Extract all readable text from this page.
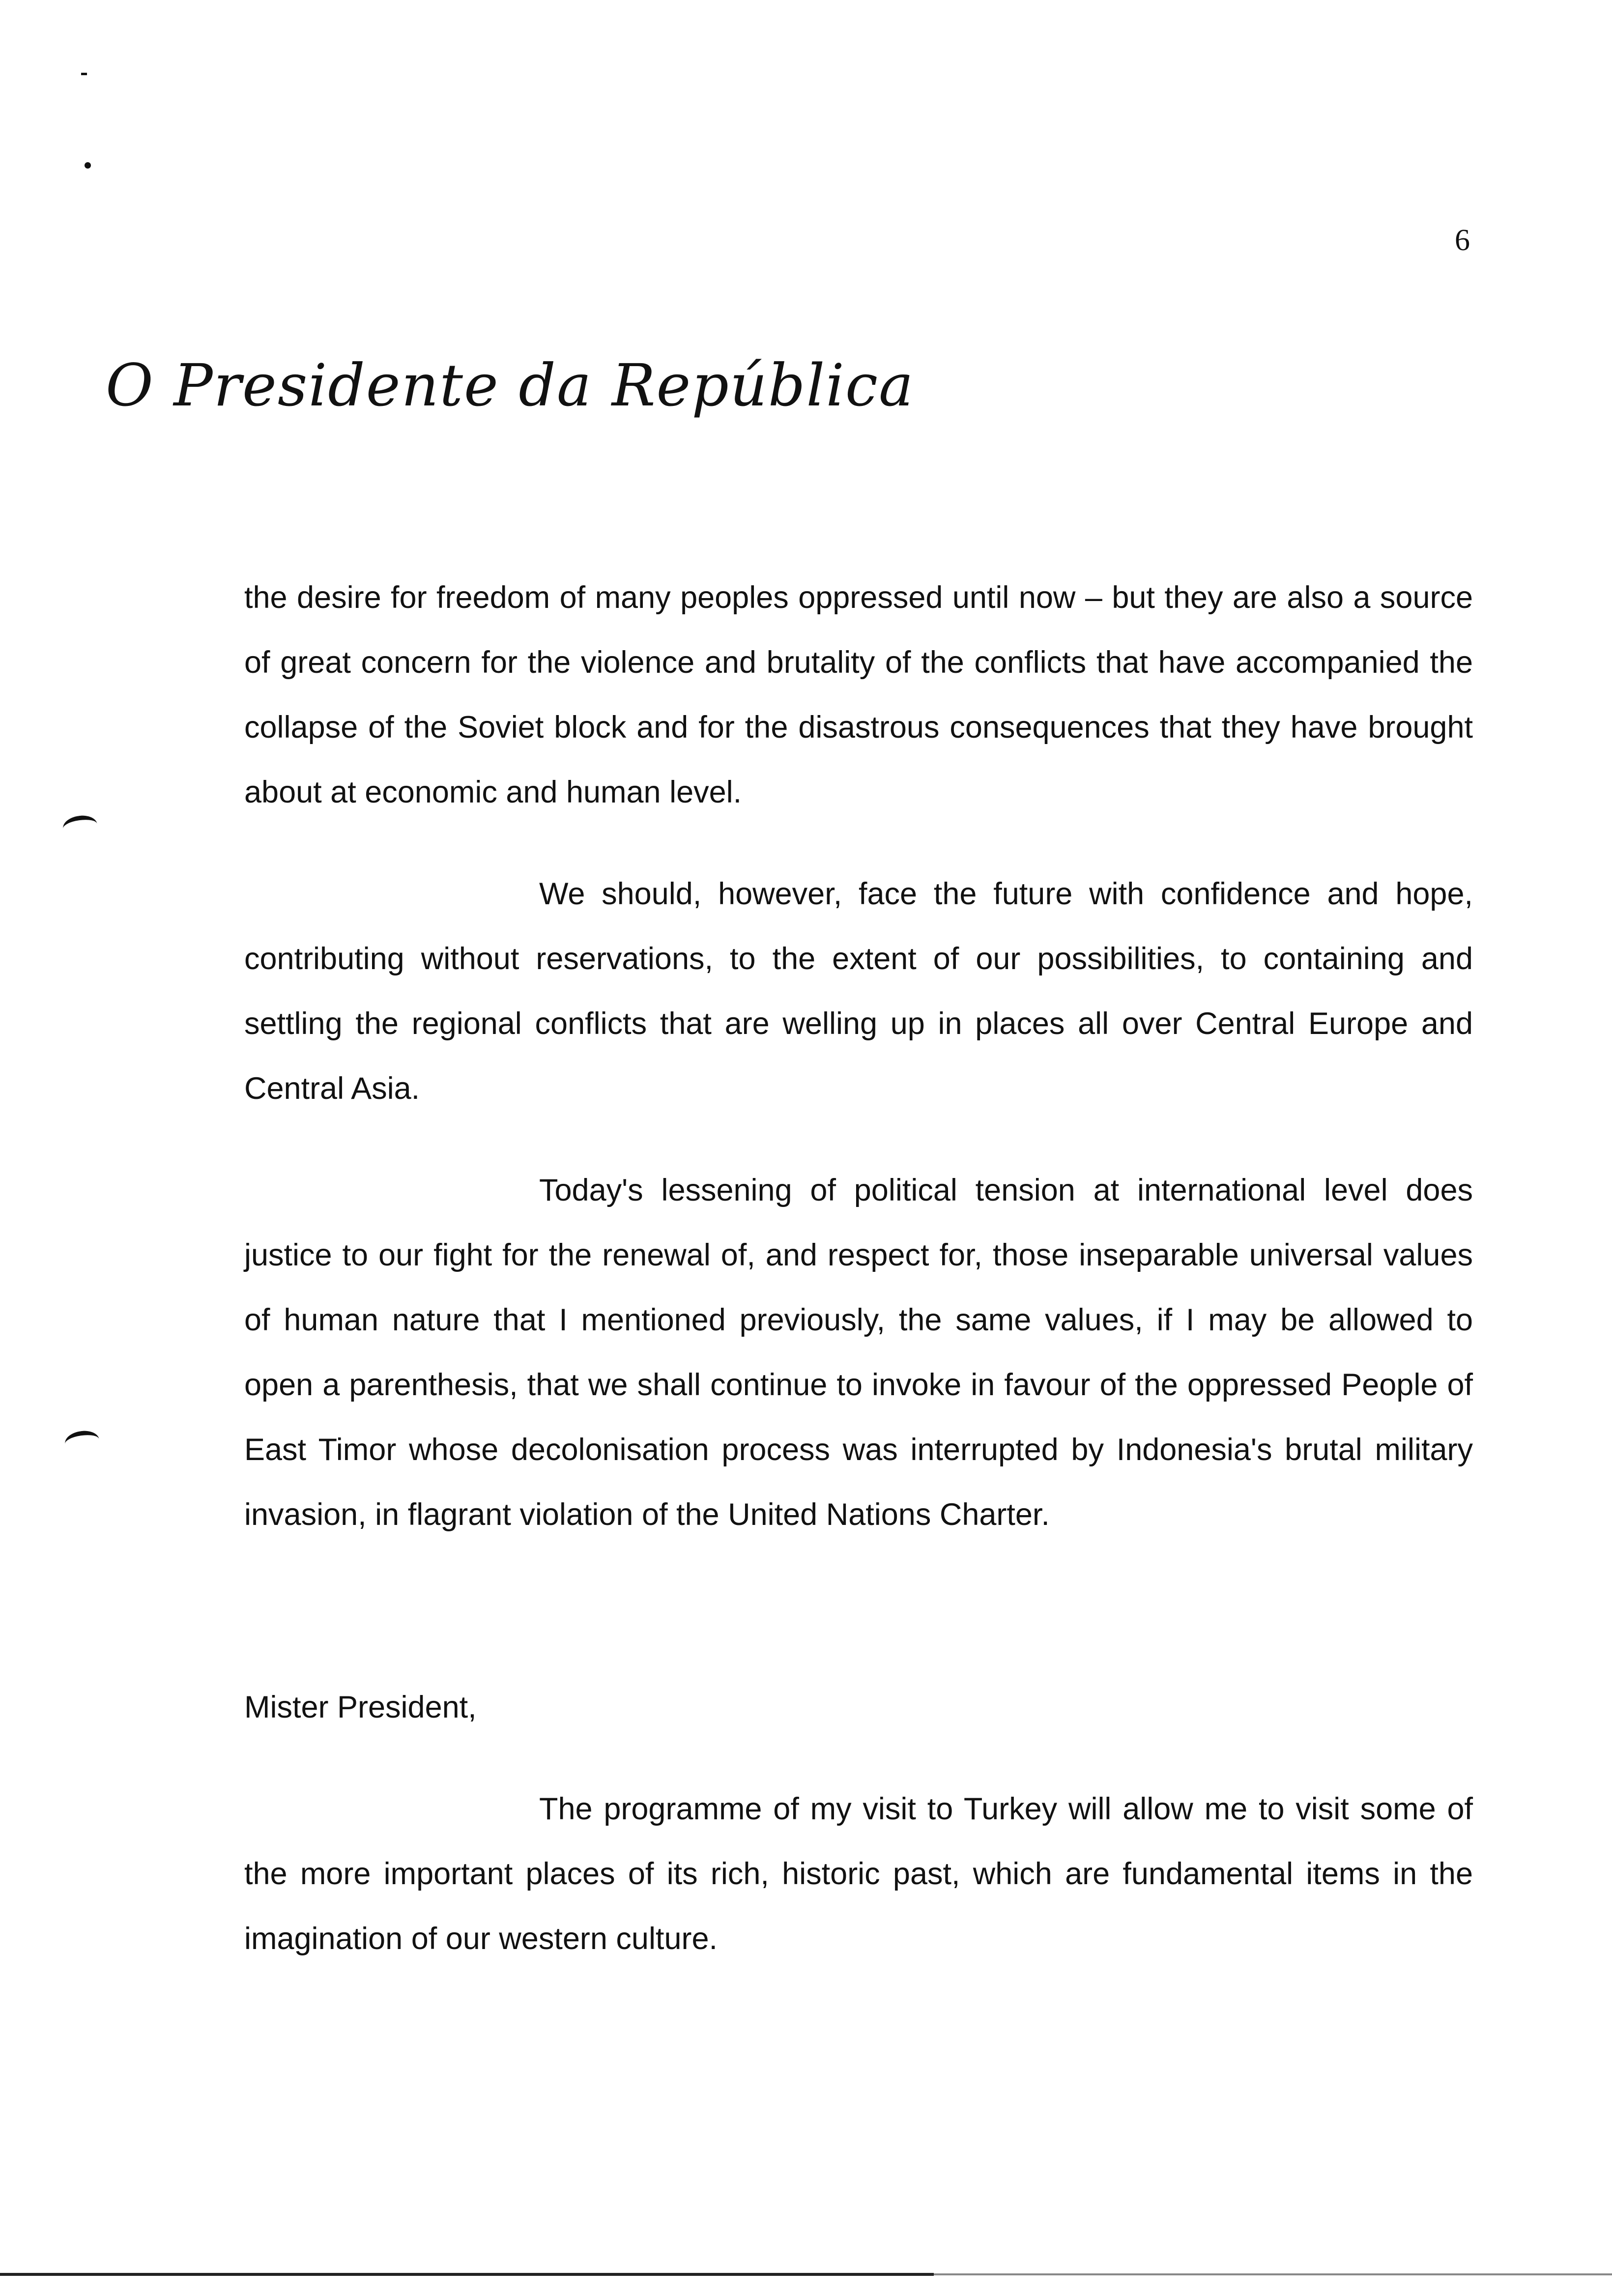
6
O Presidente da República

the desire for freedom of many peoples oppressed until now – but they are also a source of great concern for the violence and brutality of the conflicts that have accompanied the collapse of the Soviet block and for the disastrous consequences that they have brought about at economic and human level.

We should, however, face the future with confidence and hope, contributing without reservations, to the extent of our possibilities, to containing and settling the regional conflicts that are welling up in places all over Central Europe and Central Asia.

Today's lessening of political tension at international level does justice to our fight for the renewal of, and respect for, those inseparable universal values of human nature that I mentioned previously, the same values, if I may be allowed to open a parenthesis, that we shall continue to invoke in favour of the oppressed People of East Timor whose decolonisation process was interrupted by Indonesia's brutal military invasion, in flagrant violation of the United Nations Charter.

Mister President,

The programme of my visit to Turkey will allow me to visit some of the more important places of its rich, historic past, which are fundamental items in the imagination of our western culture.
